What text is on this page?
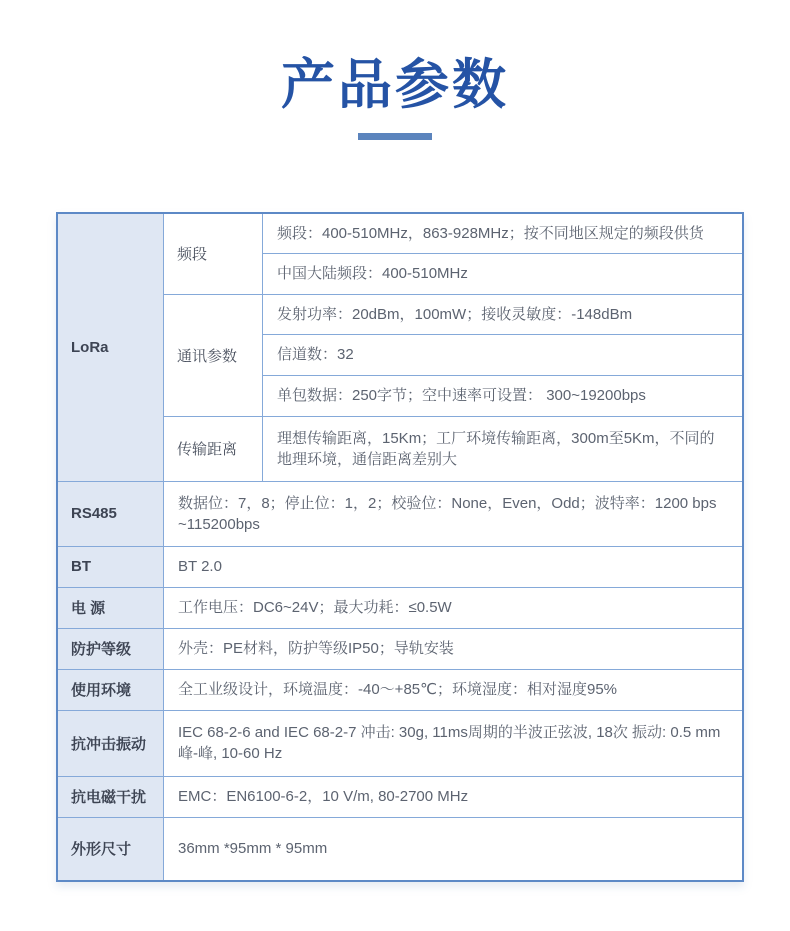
产品参数
LoRa	频段	频段：400-510MHz，863-928MHz；按不同地区规定的频段供货
		中国大陆频段：400-510MHz
	通讯参数	发射功率：20dBm，100mW；接收灵敏度：-148dBm
		信道数：32
		单包数据：250字节；空中速率可设置： 300~19200bps
	传输距离	理想传输距离，15Km；工厂环境传输距离，300m至5Km，不同的地理环境，通信距离差别大
RS485	数据位：7，8；停止位：1，2；校验位：None，Even，Odd；波特率：1200 bps ~115200bps	
BT	BT 2.0	
电 源	工作电压：DC6~24V；最大功耗：≤0.5W	
防护等级	外壳：PE材料，防护等级IP50；导轨安装	
使用环境	全工业级设计，环境温度：-40～+85℃；环境湿度：相对湿度95%	
抗冲击振动	IEC 68-2-6 and IEC 68-2-7 冲击: 30g, 11ms周期的半波正弦波, 18次 振动: 0.5 mm 峰-峰, 10-60 Hz	
抗电磁干扰	EMC：EN6100-6-2，10 V/m, 80-2700 MHz	
外形尺寸	36mm *95mm * 95mm	
